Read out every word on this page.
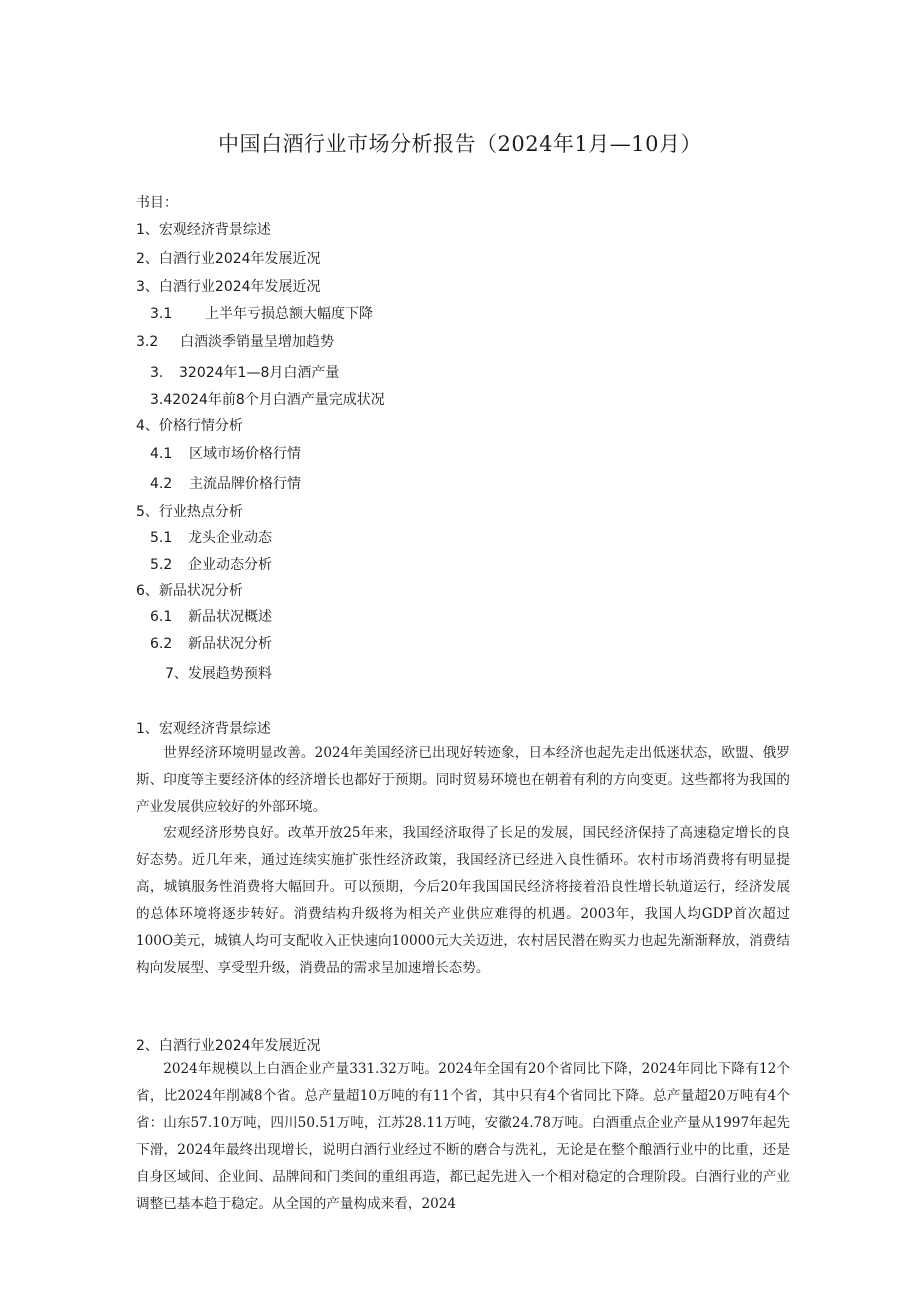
中国白酒行业市场分析报告（2024年1月—10月）
书目：
1、宏观经济背景综述
2、白酒行业2024年发展近况
3、白酒行业2024年发展近况
3.1 上半年亏损总额大幅度下降
3.2 白酒淡季销量呈增加趋势
3. 32024年1—8月白酒产量
3.42024年前8个月白酒产量完成状况
4、价格行情分析
4.1 区域市场价格行情
4.2 主流品牌价格行情
5、行业热点分析
5.1 龙头企业动态
5.2 企业动态分析
6、新品状况分析
6.1 新品状况概述
6.2 新品状况分析
7、发展趋势预料
1、宏观经济背景综述

世界经济环境明显改善。2024年美国经济已出现好转迹象，日本经济也起先走出低迷状态，欧盟、俄罗斯、印度等主要经济体的经济增长也都好于预期。同时贸易环境也在朝着有利的方向变更。这些都将为我国的产业发展供应较好的外部环境。

宏观经济形势良好。改革开放25年来，我国经济取得了长足的发展，国民经济保持了高速稳定增长的良好态势。近几年来，通过连续实施扩张性经济政策，我国经济已经进入良性循环。农村市场消费将有明显提高，城镇服务性消费将大幅回升。可以预期，今后20年我国国民经济将接着沿良性增长轨道运行，经济发展的总体环境将逐步转好。消费结构升级将为相关产业供应难得的机遇。2003年，我国人均GDP首次超过100O美元，城镇人均可支配收入正快速向10000元大关迈进，农村居民潜在购买力也起先渐渐释放，消费结构向发展型、享受型升级，消费品的需求呈加速增长态势。

2、白酒行业2024年发展近况

2024年规模以上白酒企业产量331.32万吨。2024年全国有20个省同比下降，2024年同比下降有12个省，比2024年削减8个省。总产量超10万吨的有11个省，其中只有4个省同比下降。总产量超20万吨有4个省：山东57.10万吨，四川50.51万吨，江苏28.11万吨，安徽24.78万吨。白酒重点企业产量从1997年起先下滑，2024年最终出现增长，说明白酒行业经过不断的磨合与洗礼，无论是在整个酿酒行业中的比重，还是自身区域间、企业间、品牌间和门类间的重组再造，都已起先进入一个相对稳定的合理阶段。白酒行业的产业调整已基本趋于稳定。从全国的产量构成来看，2024
